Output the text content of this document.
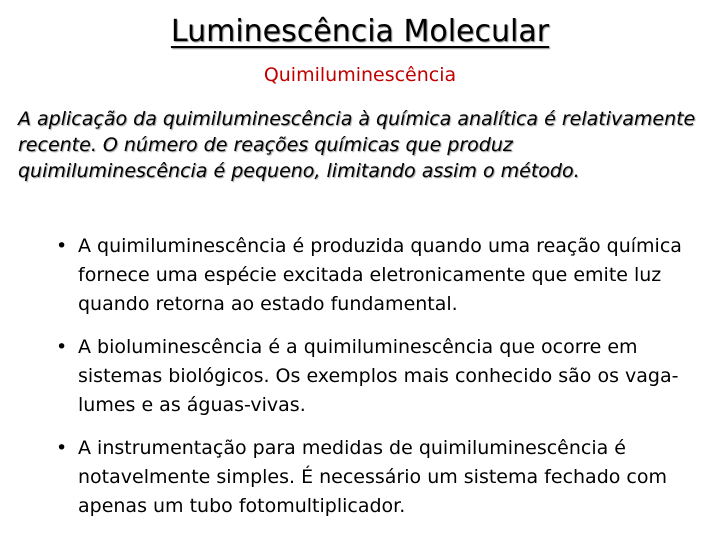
Luminescência Molecular
Quimiluminescência
A aplicação da quimiluminescência à química analítica é relativamente recente. O número de reações químicas que produz quimiluminescência é pequeno, limitando assim o método.
• A quimiluminescência é produzida quando uma reação química fornece uma espécie excitada eletronicamente que emite luz quando retorna ao estado fundamental.
• A bioluminescência é a quimiluminescência que ocorre em sistemas biológicos. Os exemplos mais conhecido são os vaga-lumes e as águas-vivas.
• A instrumentação para medidas de quimiluminescência é notavelmente simples. É necessário um sistema fechado com apenas um tubo fotomultiplicador.
